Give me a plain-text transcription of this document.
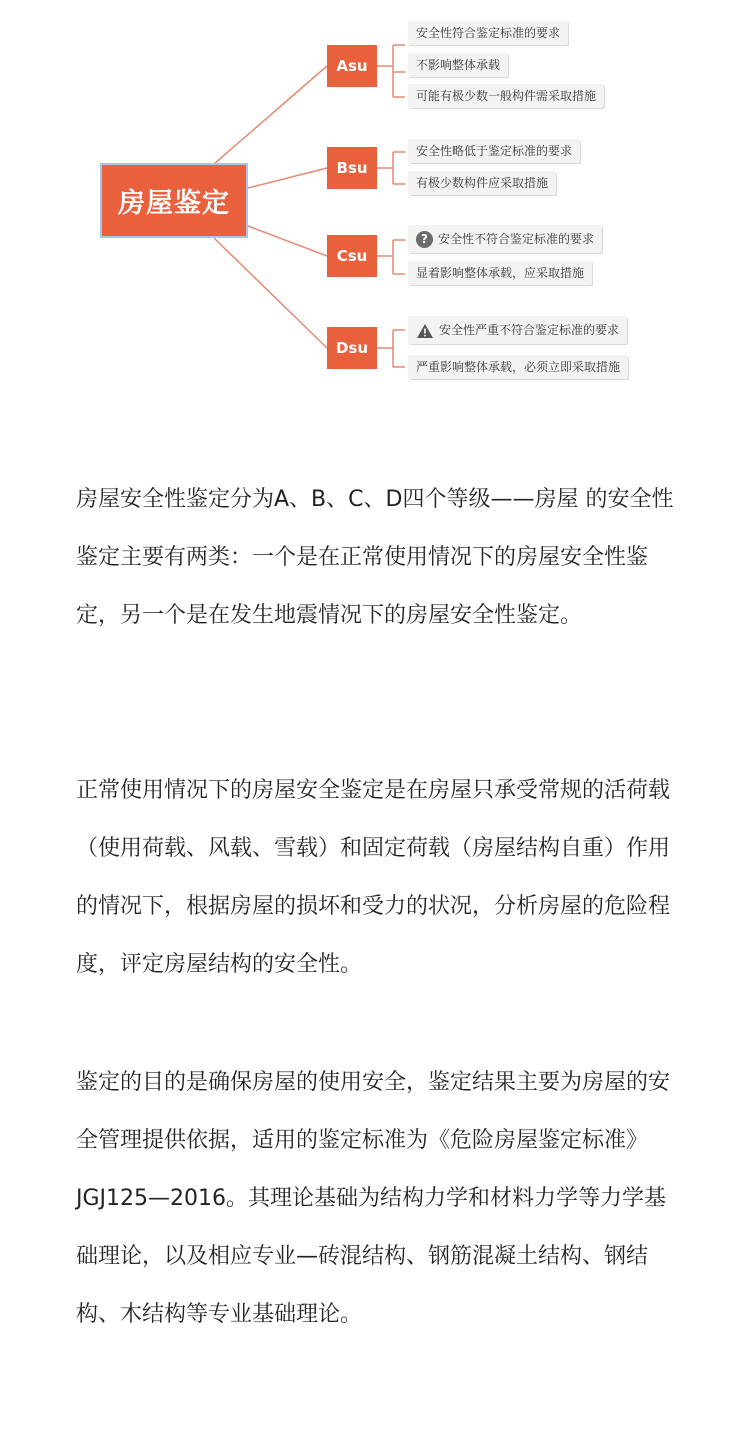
房屋鉴定
Asu
Bsu
Csu
Dsu
安全性符合鉴定标准的要求
不影响整体承载
可能有极少数一般构件需采取措施
安全性略低于鉴定标准的要求
有极少数构件应采取措施
? 安全性不符合鉴定标准的要求
显着影响整体承载，应采取措施
安全性严重不符合鉴定标准的要求
严重影响整体承载，必须立即采取措施

房屋安全性鉴定分为A、B、C、D四个等级——房屋 的安全性鉴定主要有两类：一个是在正常使用情况下的房屋安全性鉴定，另一个是在发生地震情况下的房屋安全性鉴定。

正常使用情况下的房屋安全鉴定是在房屋只承受常规的活荷载（使用荷载、风载、雪载）和固定荷载（房屋结构自重）作用的情况下，根据房屋的损坏和受力的状况，分析房屋的危险程度，评定房屋结构的安全性。

鉴定的目的是确保房屋的使用安全，鉴定结果主要为房屋的安全管理提供依据，适用的鉴定标准为《危险房屋鉴定标准》JGJ125—2016。其理论基础为结构力学和材料力学等力学基础理论，以及相应专业—砖混结构、钢筋混凝土结构、钢结构、木结构等专业基础理论。
